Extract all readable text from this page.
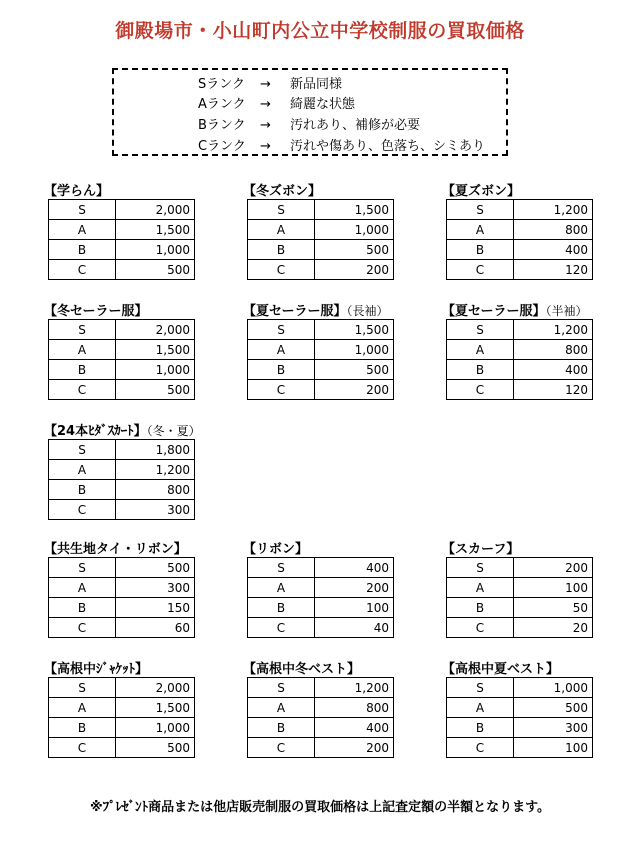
御殿場市・小山町内公立中学校制服の買取価格
Sランク → 新品同様
Aランク → 綺麗な状態
Bランク → 汚れあり、補修が必要
Cランク → 汚れや傷あり、色落ち、シミあり
【学らん】
S	2,000
A	1,500
B	1,000
C	500
【冬ズボン】
S	1,500
A	1,000
B	500
C	200
【夏ズボン】
S	1,200
A	800
B	400
C	120
【冬セーラー服】
S	2,000
A	1,500
B	1,000
C	500
【夏セーラー服】（長袖）
S	1,500
A	1,000
B	500
C	200
【夏セーラー服】（半袖）
S	1,200
A	800
B	400
C	120
【24本ﾋﾀﾞｽｶｰﾄ】（冬・夏）
S	1,800
A	1,200
B	800
C	300
【共生地タイ・リボン】
S	500
A	300
B	150
C	60
【リボン】
S	400
A	200
B	100
C	40
【スカーフ】
S	200
A	100
B	50
C	20
【高根中ｼﾞｬｹｯﾄ】
S	2,000
A	1,500
B	1,000
C	500
【高根中冬ベスト】
S	1,200
A	800
B	400
C	200
【高根中夏ベスト】
S	1,000
A	500
B	300
C	100
※ﾌﾟﾚｾﾞﾝﾄ商品または他店販売制服の買取価格は上記査定額の半額となります。
